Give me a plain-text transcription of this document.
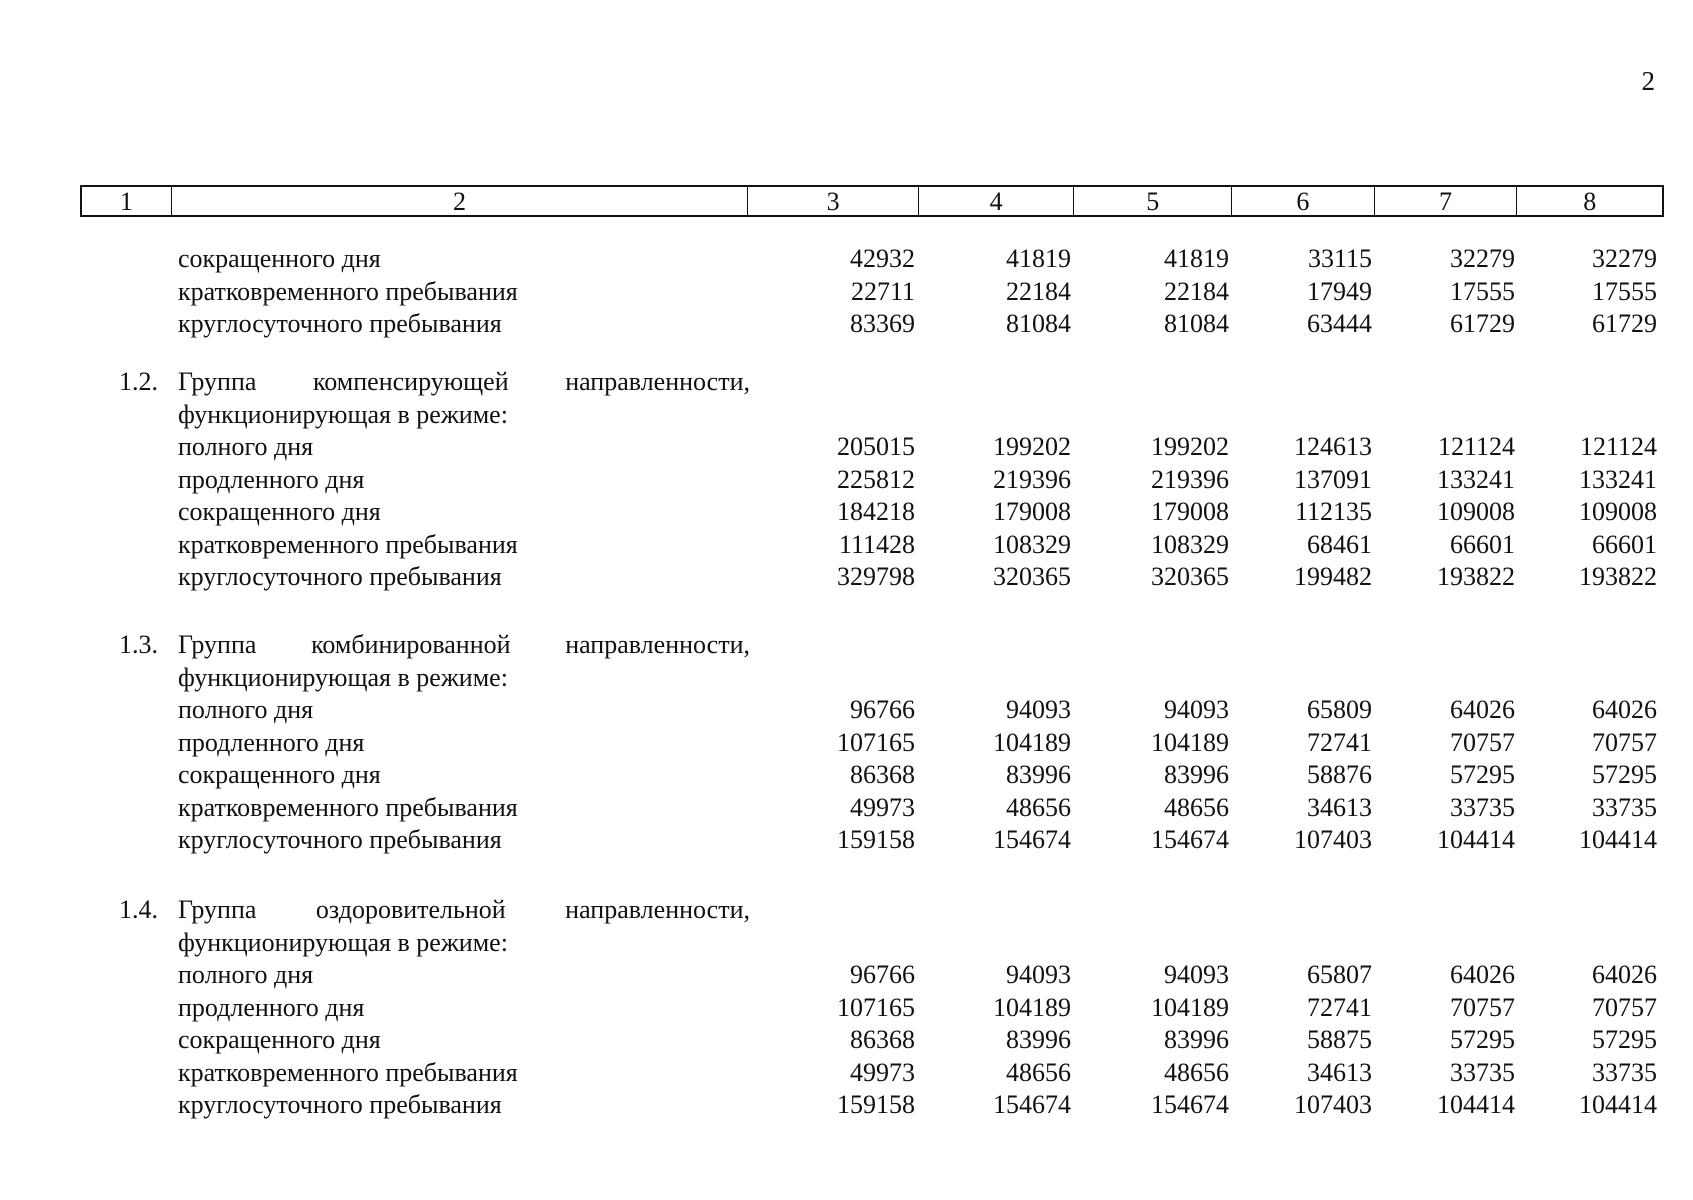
2
1	2	3	4	5	6	7	8
сокращенного дня	42932	41819	41819	33115	32279	32279
кратковременного пребывания	22711	22184	22184	17949	17555	17555
круглосуточного пребывания	83369	81084	81084	63444	61729	61729
1.2. Группа компенсирующей направленности,
функционирующая в режиме:
полного дня	205015	199202	199202	124613	121124	121124
продленного дня	225812	219396	219396	137091	133241	133241
сокращенного дня	184218	179008	179008	112135	109008	109008
кратковременного пребывания	111428	108329	108329	68461	66601	66601
круглосуточного пребывания	329798	320365	320365	199482	193822	193822
1.3. Группа комбинированной направленности,
функционирующая в режиме:
полного дня	96766	94093	94093	65809	64026	64026
продленного дня	107165	104189	104189	72741	70757	70757
сокращенного дня	86368	83996	83996	58876	57295	57295
кратковременного пребывания	49973	48656	48656	34613	33735	33735
круглосуточного пребывания	159158	154674	154674	107403	104414	104414
1.4. Группа оздоровительной направленности,
функционирующая в режиме:
полного дня	96766	94093	94093	65807	64026	64026
продленного дня	107165	104189	104189	72741	70757	70757
сокращенного дня	86368	83996	83996	58875	57295	57295
кратковременного пребывания	49973	48656	48656	34613	33735	33735
круглосуточного пребывания	159158	154674	154674	107403	104414	104414
